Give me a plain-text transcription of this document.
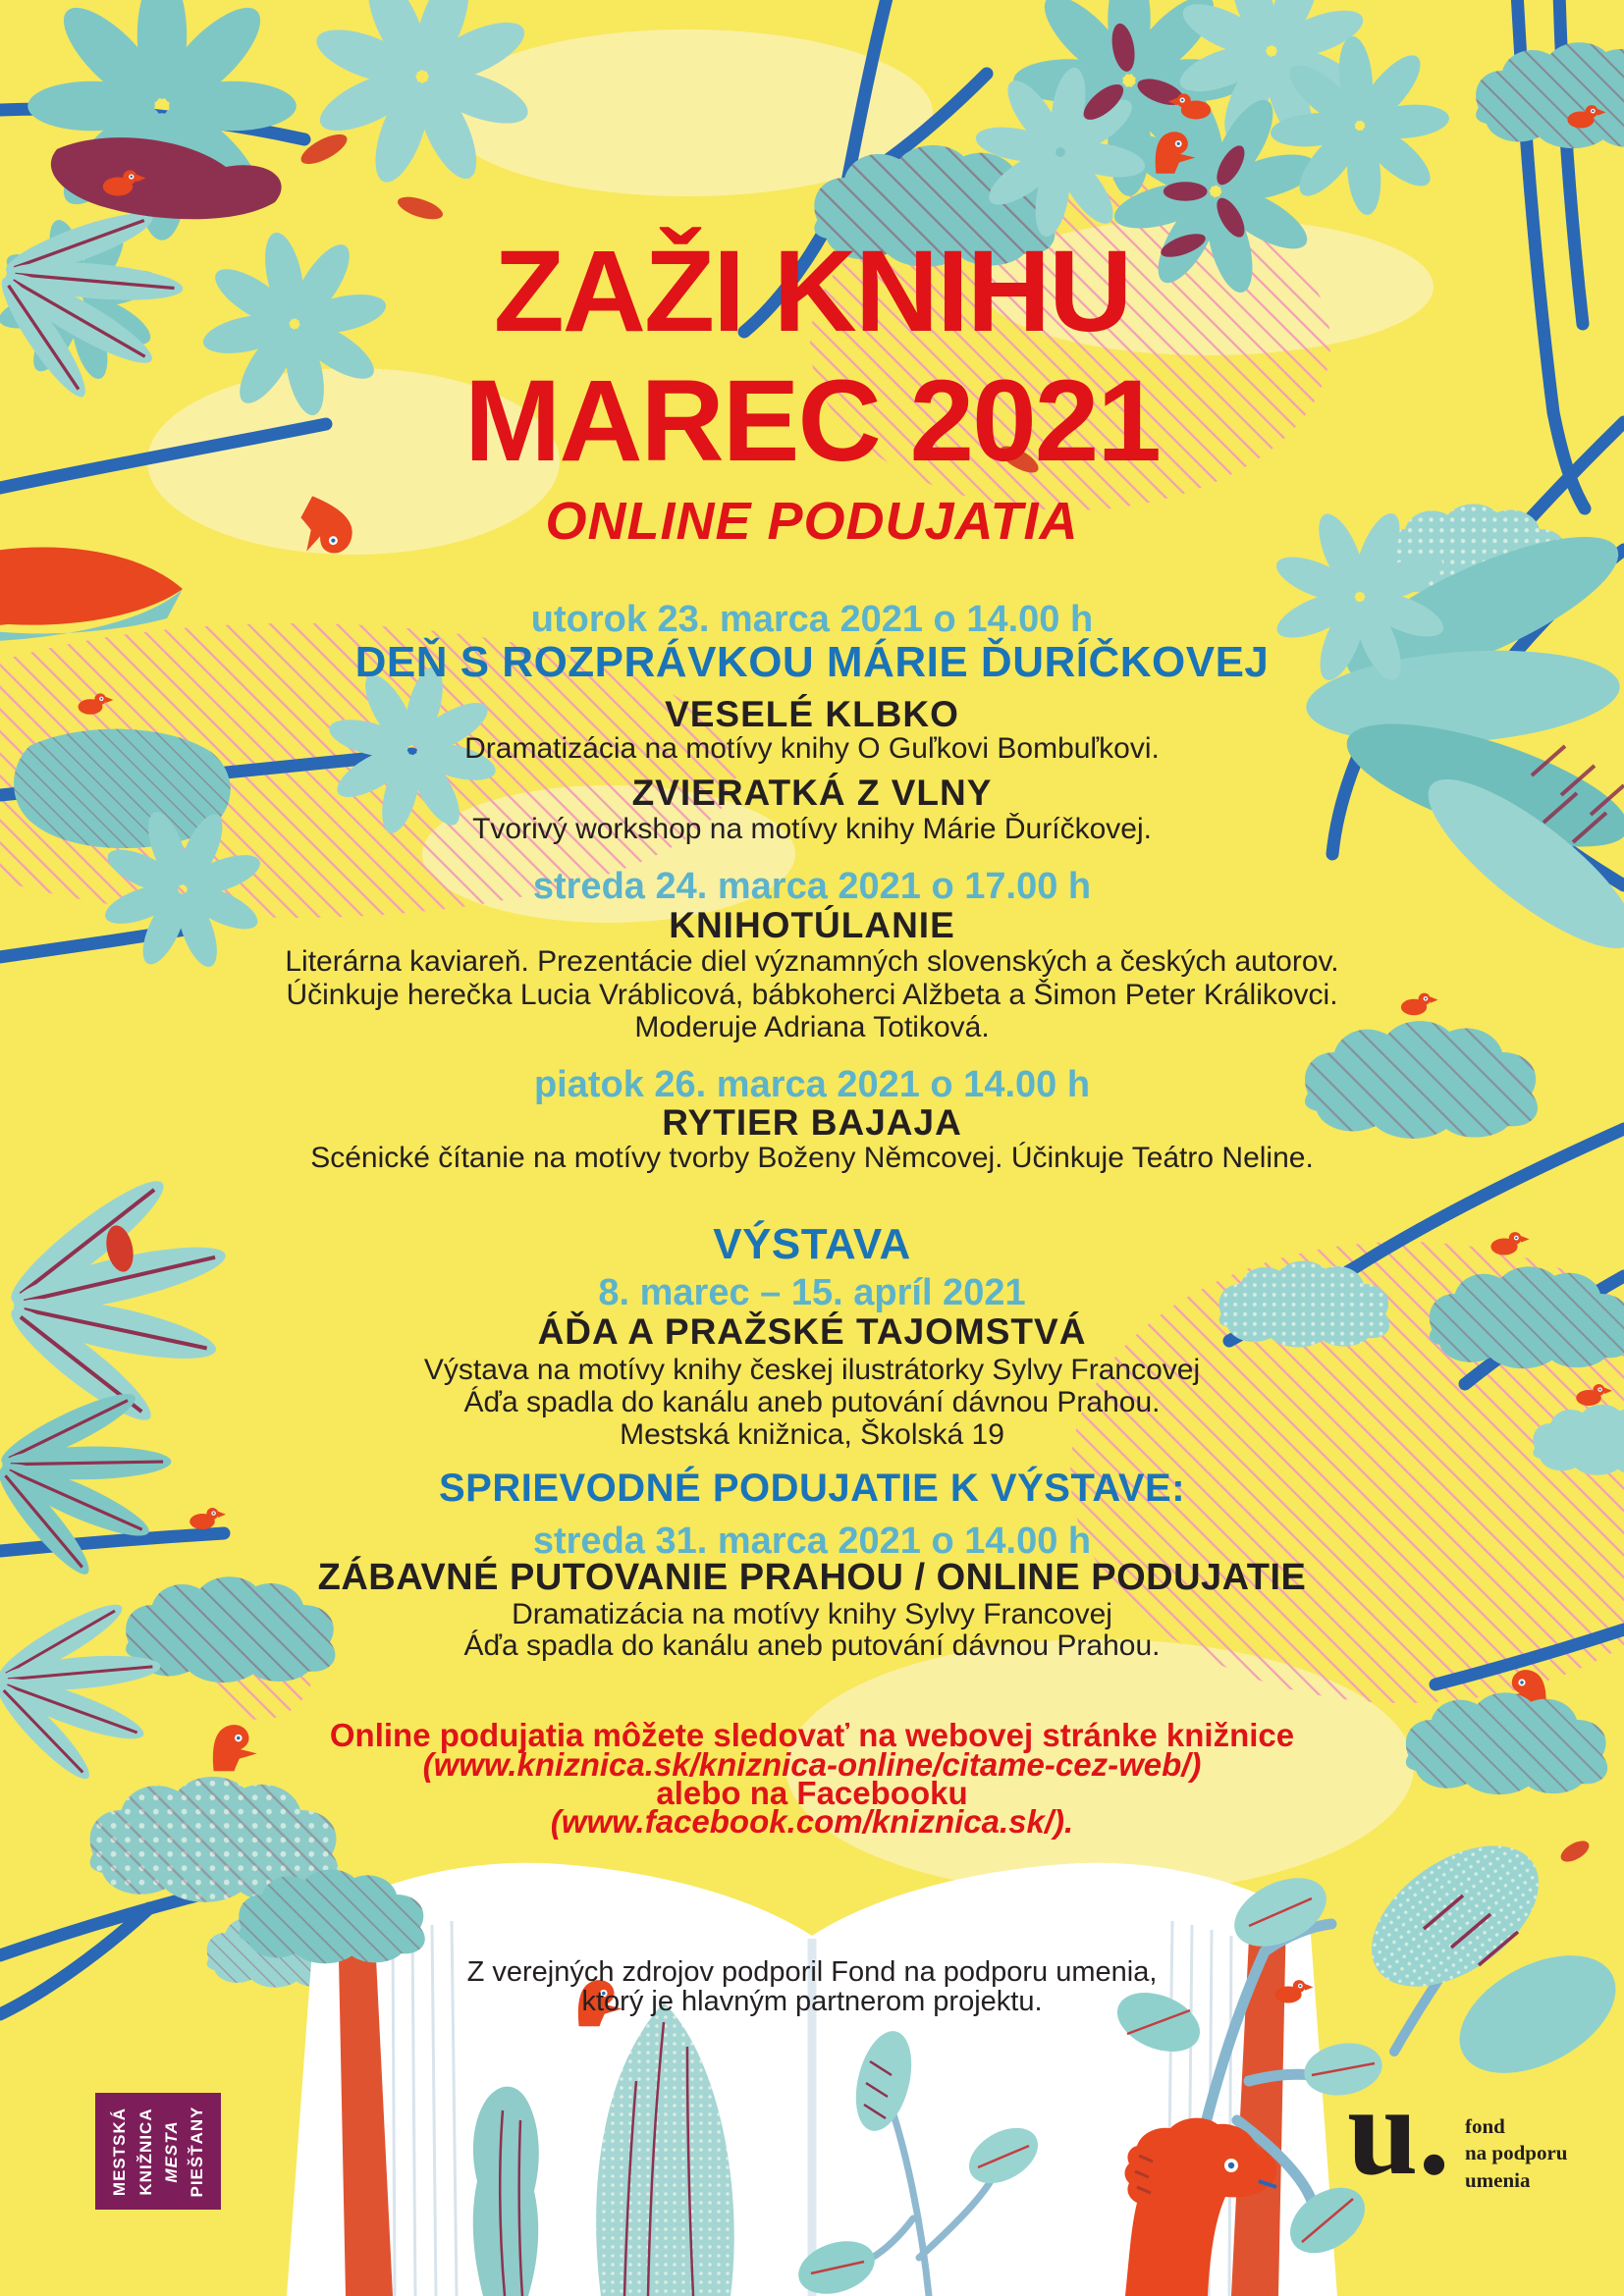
ZAŽI KNIHU
MAREC 2021
ONLINE PODUJATIA
utorok 23. marca 2021 o 14.00 h
DEŇ S ROZPRÁVKOU MÁRIE ĎURÍČKOVEJ
VESELÉ KLBKO
Dramatizácia na motívy knihy O Guľkovi Bombuľkovi.
ZVIERATKÁ Z VLNY
Tvorivý workshop na motívy knihy Márie Ďuríčkovej.
streda 24. marca 2021 o 17.00 h
KNIHOTÚLANIE
Literárna kaviareň. Prezentácie diel významných slovenských a českých autorov.
Účinkuje herečka Lucia Vráblicová, bábkoherci Alžbeta a Šimon Peter Králikovci.
Moderuje Adriana Totiková.
piatok 26. marca 2021 o 14.00 h
RYTIER BAJAJA
Scénické čítanie na motívy tvorby Boženy Němcovej. Účinkuje Teátro Neline.
VÝSTAVA
8. marec – 15. apríl 2021
ÁĎA A PRAŽSKÉ TAJOMSTVÁ
Výstava na motívy knihy českej ilustrátorky Sylvy Francovej
Áďa spadla do kanálu aneb putování dávnou Prahou.
Mestská knižnica, Školská 19
SPRIEVODNÉ PODUJATIE K VÝSTAVE:
streda 31. marca 2021 o 14.00 h
ZÁBAVNÉ PUTOVANIE PRAHOU / ONLINE PODUJATIE
Dramatizácia na motívy knihy Sylvy Francovej
Áďa spadla do kanálu aneb putování dávnou Prahou.
Online podujatia môžete sledovať na webovej stránke knižnice
(www.kniznica.sk/kniznica-online/citame-cez-web/)
alebo na Facebooku
(www.facebook.com/kniznica.sk/).
Z verejných zdrojov podporil Fond na podporu umenia,
ktorý je hlavným partnerom projektu.
MESTSKÁ KNIŽNICA MESTA PIEŠŤANY	u. fond
na podporu
umenia
